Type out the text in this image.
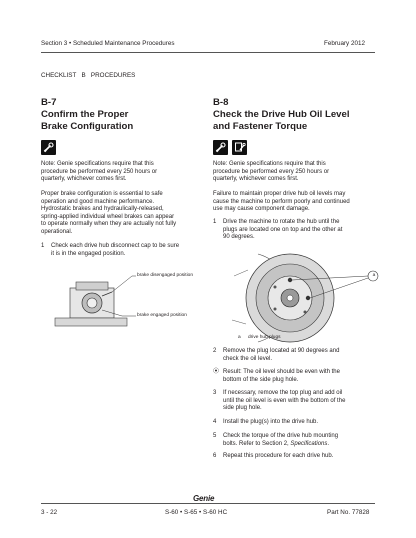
Section 3 • Scheduled Maintenance Procedures	February 2012
CHECKLIST   B   PROCEDURES
B-7
Confirm the Proper
Brake Configuration
Note: Genie specifications require that this
procedure be performed every 250 hours or
quarterly, whichever comes first.
Proper brake configuration is essential to safe
operation and good machine performance.
Hydrostatic brakes and hydraulically-released,
spring-applied individual wheel brakes can appear
to operate normally when they are actually not fully
operational.
1 Check each drive hub disconnect cap to be sure
it is in the engaged position.
brake disengaged position
brake engaged position
B-8
Check the Drive Hub Oil Level
and Fastener Torque
Note: Genie specifications require that this
procedure be performed every 250 hours or
quarterly, whichever comes first.
Failure to maintain proper drive hub oil levels may
cause the machine to perform poorly and continued
use may cause component damage.
1 Drive the machine to rotate the hub until the
plugs are located one on top and the other at
90 degrees.
a
a drive hub plugs
2 Remove the plug located at 90 degrees and
check the oil level.
⦿ Result: The oil level should be even with the
bottom of the side plug hole.
3 If necessary, remove the top plug and add oil
until the oil level is even with the bottom of the
side plug hole.
4 Install the plug(s) into the drive hub.
5 Check the torque of the drive hub mounting
bolts. Refer to Section 2, Specifications.
6 Repeat this procedure for each drive hub.
Genie
3 - 22	S-60 • S-65 • S-60 HC	Part No. 77828
